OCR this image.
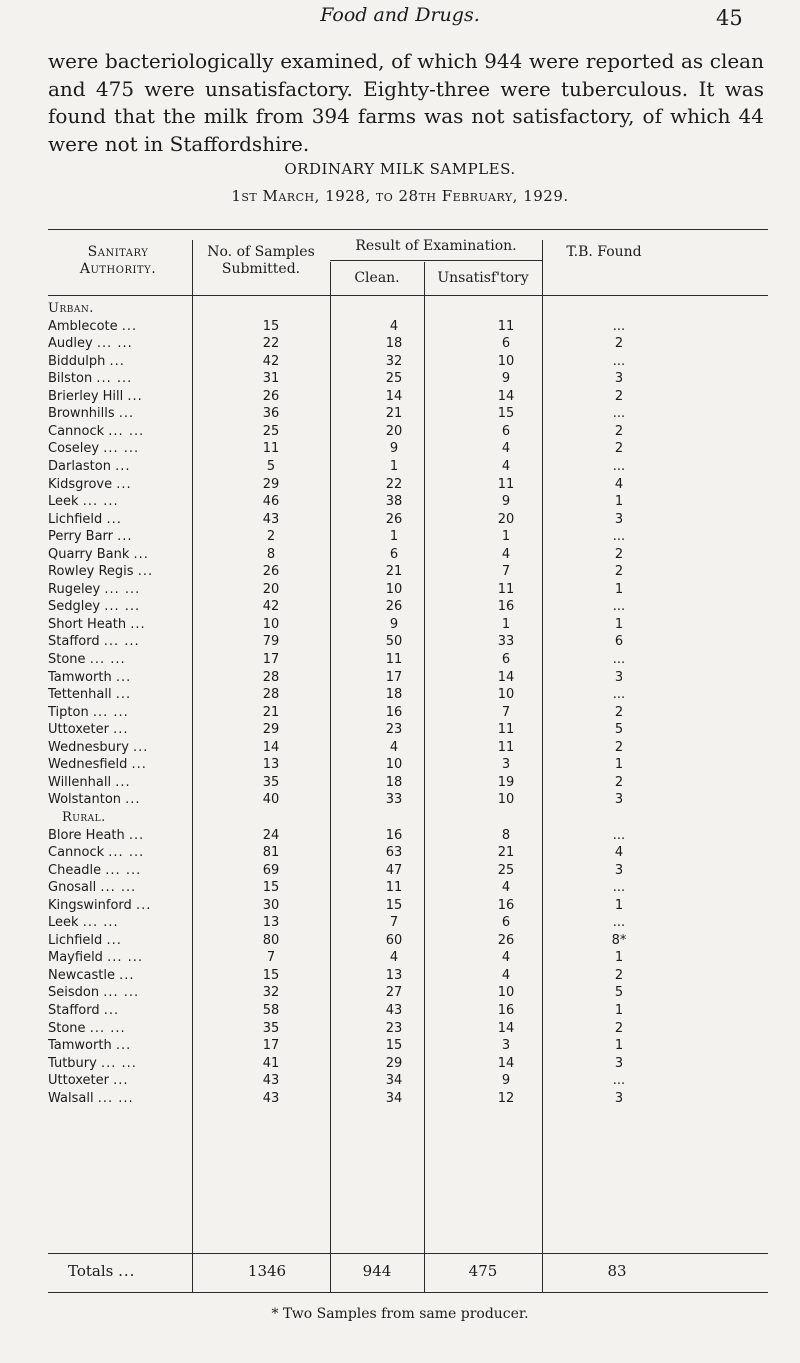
Food and Drugs.	45

were bacteriologically examined, of which 944 were reported as clean and 475 were unsatisfactory. Eighty-three were tuberculous. It was found that the milk from 394 farms was not satisfactory, of which 44 were not in Staffordshire.

ORDINARY MILK SAMPLES.
1st March, 1928, to 28th February, 1929.
Sanitary Authority.
No. of Samples Submitted.
Result of Examination.
Clean.	Unsatisf'tory
T.B. Found
Urban.
Amblecote ...	15	4	11	...
Audley ... ...	22	18	6	2
Biddulph ...	42	32	10	...
Bilston ... ...	31	25	9	3
Brierley Hill ...	26	14	14	2
Brownhills ...	36	21	15	...
Cannock ... ...	25	20	6	2
Coseley ... ...	11	9	4	2
Darlaston ...	5	1	4	...
Kidsgrove ...	29	22	11	4
Leek ... ...	46	38	9	1
Lichfield ...	43	26	20	3
Perry Barr ...	2	1	1	...
Quarry Bank ...	8	6	4	2
Rowley Regis ...	26	21	7	2
Rugeley ... ...	20	10	11	1
Sedgley ... ...	42	26	16	...
Short Heath ...	10	9	1	1
Stafford ... ...	79	50	33	6
Stone ... ...	17	11	6	...
Tamworth ...	28	17	14	3
Tettenhall ...	28	18	10	...
Tipton ... ...	21	16	7	2
Uttoxeter ...	29	23	11	5
Wednesbury ...	14	4	11	2
Wednesfield ...	13	10	3	1
Willenhall ...	35	18	19	2
Wolstanton ...	40	33	10	3
Rural.
Blore Heath ...	24	16	8	...
Cannock ... ...	81	63	21	4
Cheadle ... ...	69	47	25	3
Gnosall ... ...	15	11	4	...
Kingswinford ...	30	15	16	1
Leek ... ...	13	7	6	...
Lichfield ...	80	60	26	8*
Mayfield ... ...	7	4	4	1
Newcastle ...	15	13	4	2
Seisdon ... ...	32	27	10	5
Stafford ...	58	43	16	1
Stone ... ...	35	23	14	2
Tamworth ...	17	15	3	1
Tutbury ... ...	41	29	14	3
Uttoxeter ...	43	34	9	...
Walsall ... ...	43	34	12	3
Totals ...	1346	944	475	83
* Two Samples from same producer.
